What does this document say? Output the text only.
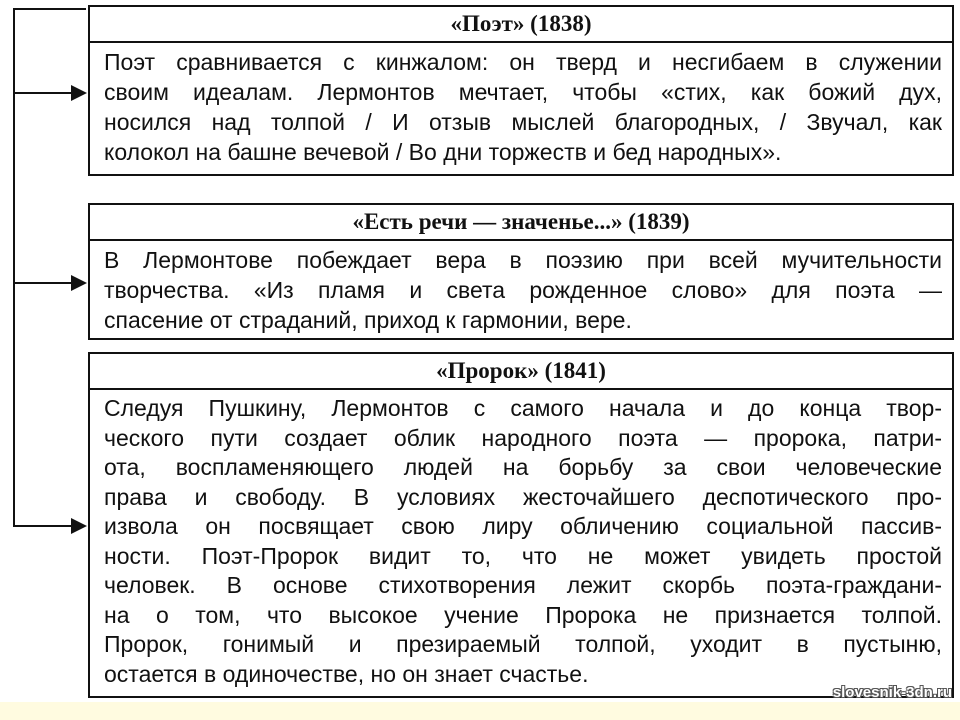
«Поэт» (1838)
Поэт сравнивается с кинжалом: он тверд и несгибаем в служении
своим идеалам. Лермонтов мечтает, чтобы «стих, как божий дух,
носился над толпой / И отзыв мыслей благородных, / Звучал, как
колокол на башне вечевой / Во дни торжеств и бед народных».
«Есть речи — значенье...» (1839)
В Лермонтове побеждает вера в поэзию при всей мучительности
творчества. «Из пламя и света рожденное слово» для поэта —
спасение от страданий, приход к гармонии, вере.
«Пророк» (1841)
Следуя Пушкину, Лермонтов с самого начала и до конца твор-
ческого пути создает облик народного поэта — пророка, патри-
ота, воспламеняющего людей на борьбу за свои человеческие
права и свободу. В условиях жесточайшего деспотического про-
извола он посвящает свою лиру обличению социальной пассив-
ности. Поэт-Пророк видит то, что не может увидеть простой
человек. В основе стихотворения лежит скорбь поэта-граждани-
на о том, что высокое учение Пророка не признается толпой.
Пророк, гонимый и презираемый толпой, уходит в пустыню,
остается в одиночестве, но он знает счастье.
slovesnik-3dn.ru
